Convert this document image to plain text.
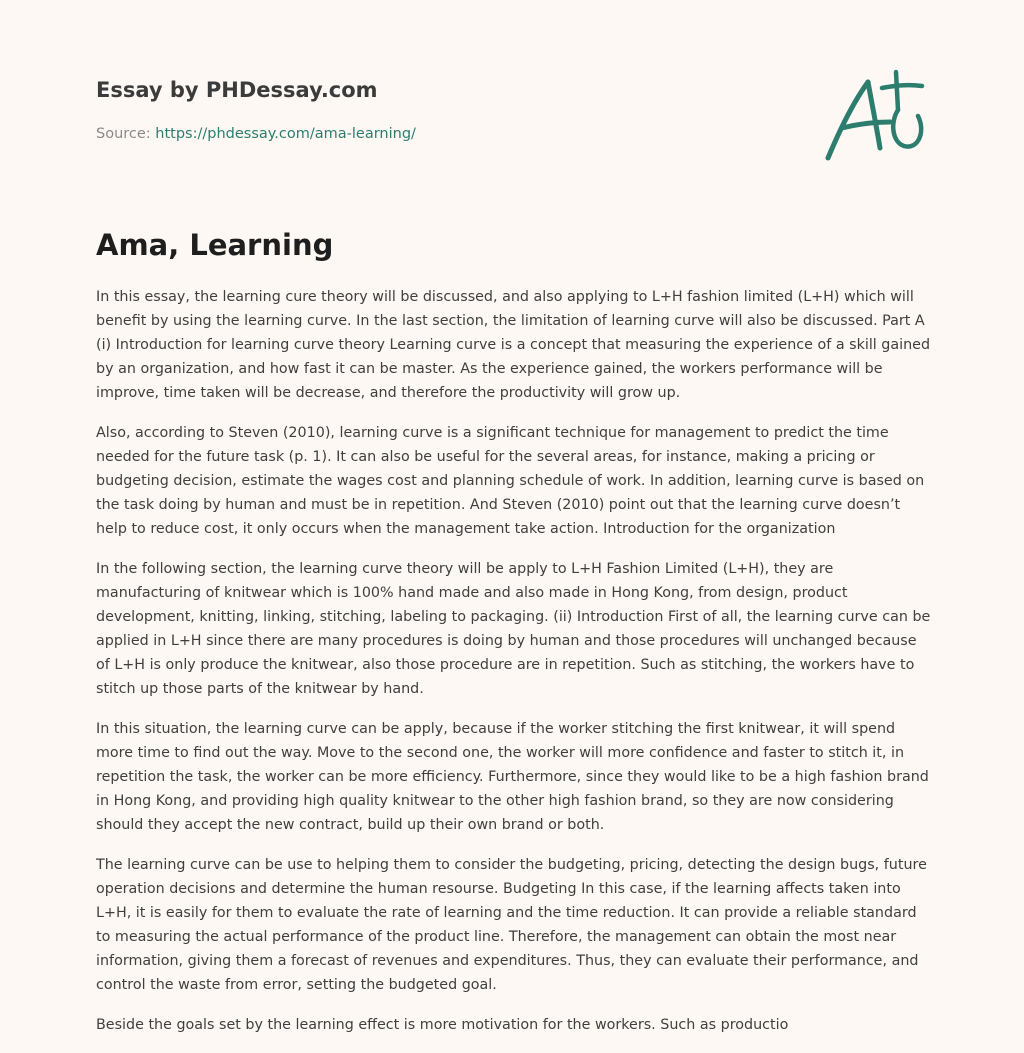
Essay by PHDessay.com
Source: https://phdessay.com/ama-learning/
Ama, Learning

In this essay, the learning cure theory will be discussed, and also applying to L+H fashion limited (L+H) which will benefit by using the learning curve. In the last section, the limitation of learning curve will also be discussed. Part A (i) Introduction for learning curve theory Learning curve is a concept that measuring the experience of a skill gained by an organization, and how fast it can be master. As the experience gained, the workers performance will be improve, time taken will be decrease, and therefore the productivity will grow up.

Also, according to Steven (2010), learning curve is a significant technique for management to predict the time needed for the future task (p. 1). It can also be useful for the several areas, for instance, making a pricing or budgeting decision, estimate the wages cost and planning schedule of work. In addition, learning curve is based on the task doing by human and must be in repetition. And Steven (2010) point out that the learning curve doesn’t help to reduce cost, it only occurs when the management take action. Introduction for the organization

In the following section, the learning curve theory will be apply to L+H Fashion Limited (L+H), they are manufacturing of knitwear which is 100% hand made and also made in Hong Kong, from design, product development, knitting, linking, stitching, labeling to packaging. (ii) Introduction First of all, the learning curve can be applied in L+H since there are many procedures is doing by human and those procedures will unchanged because of L+H is only produce the knitwear, also those procedure are in repetition. Such as stitching, the workers have to stitch up those parts of the knitwear by hand.

In this situation, the learning curve can be apply, because if the worker stitching the first knitwear, it will spend more time to find out the way. Move to the second one, the worker will more confidence and faster to stitch it, in repetition the task, the worker can be more efficiency. Furthermore, since they would like to be a high fashion brand in Hong Kong, and providing high quality knitwear to the other high fashion brand, so they are now considering should they accept the new contract, build up their own brand or both.

The learning curve can be use to helping them to consider the budgeting, pricing, detecting the design bugs, future operation decisions and determine the human resourse. Budgeting In this case, if the learning affects taken into L+H, it is easily for them to evaluate the rate of learning and the time reduction. It can provide a reliable standard to measuring the actual performance of the product line. Therefore, the management can obtain the most near information, giving them a forecast of revenues and expenditures. Thus, they can evaluate their performance, and control the waste from error, setting the budgeted goal.

Beside the goals set by the learning effect is more motivation for the workers. Such as productio
